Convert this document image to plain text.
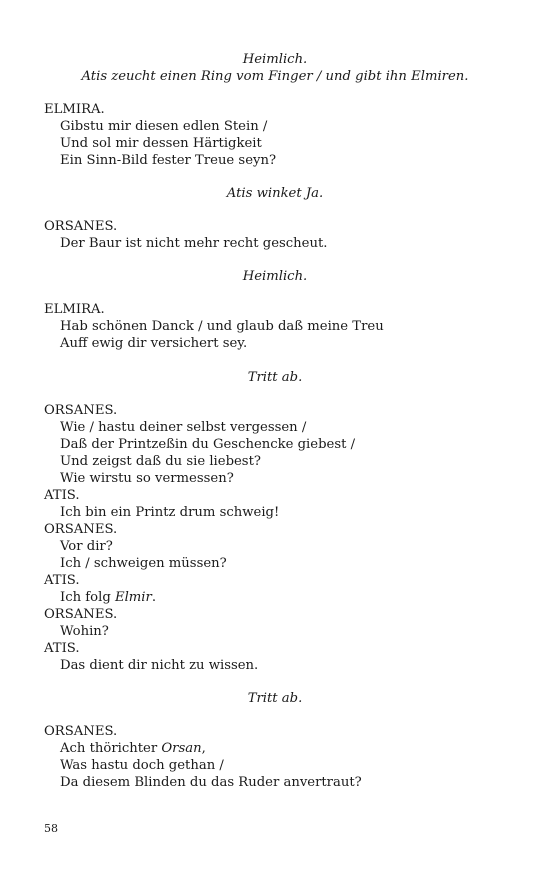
Heimlich.
Atis zeucht einen Ring vom Finger / und gibt ihn Elmiren.
ELMIRA.
Gibstu mir diesen edlen Stein /
Und sol mir dessen Härtigkeit
Ein Sinn-Bild fester Treue seyn?
Atis winket Ja.
ORSANES.
Der Baur ist nicht mehr recht gescheut.
Heimlich.
ELMIRA.
Hab schönen Danck / und glaub daß meine Treu
Auff ewig dir versichert sey.
Tritt ab.
ORSANES.
Wie / hastu deiner selbst vergessen /
Daß der Printzeßin du Geschencke giebest /
Und zeigst daß du sie liebest?
Wie wirstu so vermessen?
ATIS.
Ich bin ein Printz drum schweig!
ORSANES.
Vor dir?
Ich / schweigen müssen?
ATIS.
Ich folg Elmir.
ORSANES.
Wohin?
ATIS.
Das dient dir nicht zu wissen.
Tritt ab.
ORSANES.
Ach thörichter Orsan,
Was hastu doch gethan /
Da diesem Blinden du das Ruder anvertraut?
58
